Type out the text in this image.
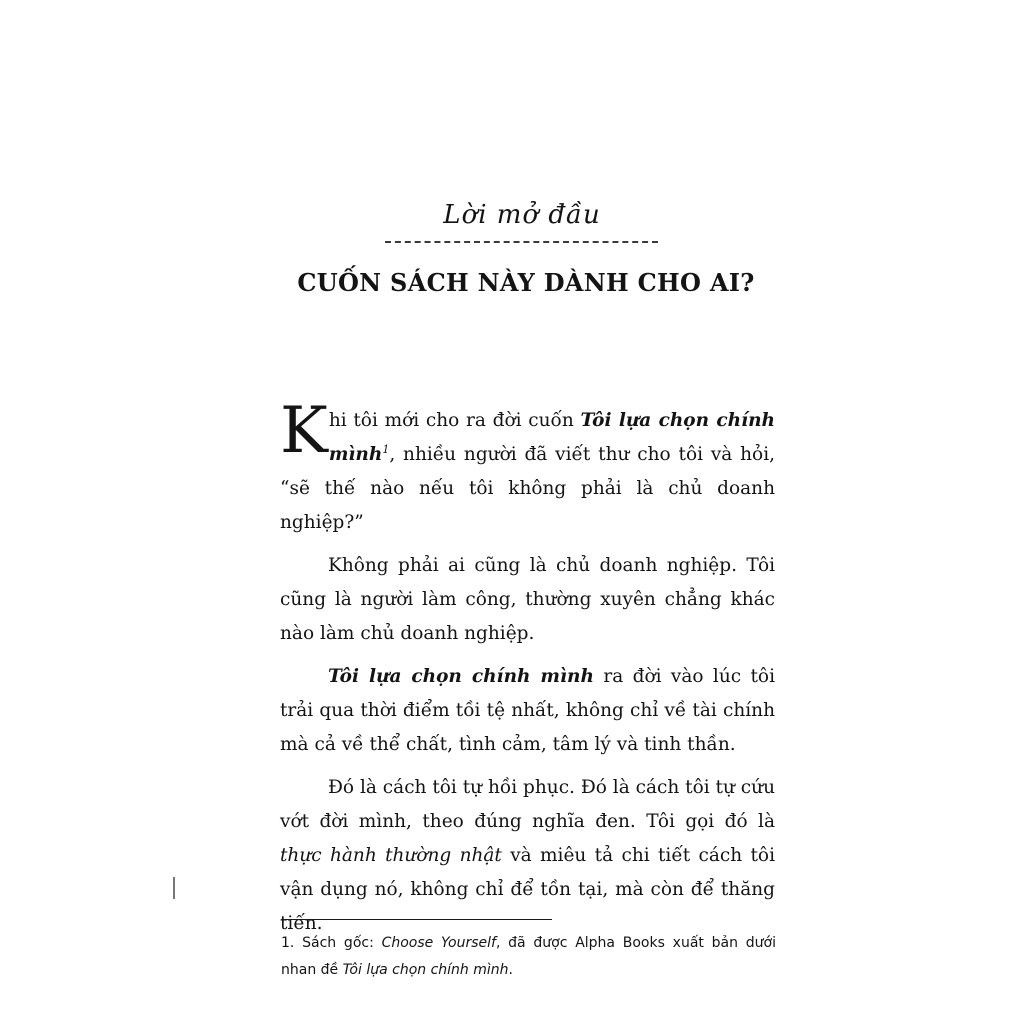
Lời mở đầu
CUỐN SÁCH NÀY DÀNH CHO AI?

Khi tôi mới cho ra đời cuốn Tôi lựa chọn chính mình$^1$, nhiều người đã viết thư cho tôi và hỏi, “sẽ thế nào nếu tôi không phải là chủ doanh nghiệp?”

Không phải ai cũng là chủ doanh nghiệp. Tôi cũng là người làm công, thường xuyên chẳng khác nào làm chủ doanh nghiệp.

Tôi lựa chọn chính mình ra đời vào lúc tôi trải qua thời điểm tồi tệ nhất, không chỉ về tài chính mà cả về thể chất, tình cảm, tâm lý và tinh thần.

Đó là cách tôi tự hồi phục. Đó là cách tôi tự cứu vớt đời mình, theo đúng nghĩa đen. Tôi gọi đó là thực hành thường nhật và miêu tả chi tiết cách tôi vận dụng nó, không chỉ để tồn tại, mà còn để thăng tiến.

1. Sách gốc: Choose Yourself, đã được Alpha Books xuất bản dưới nhan đề Tôi lựa chọn chính mình.
